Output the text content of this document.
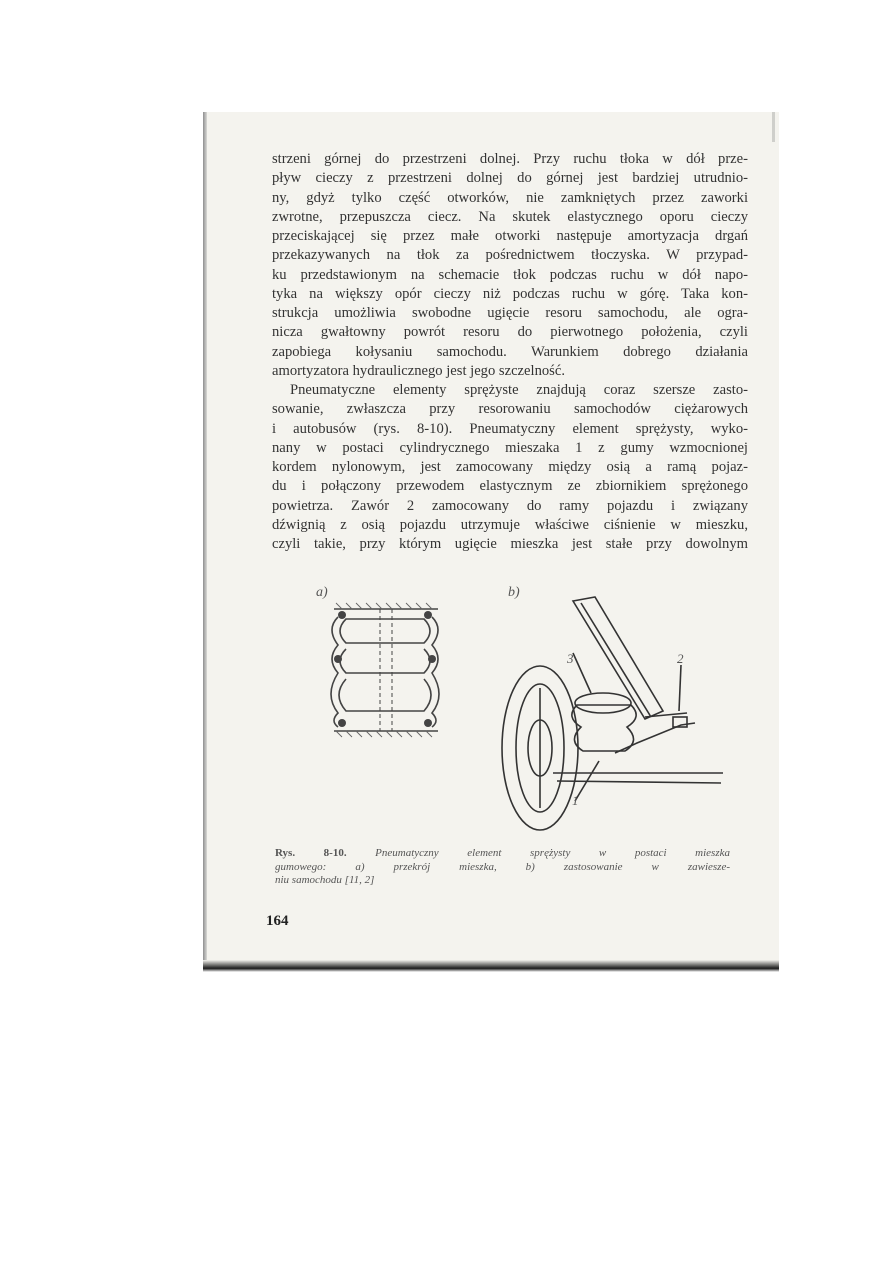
strzeni górnej do przestrzeni dolnej. Przy ruchu tłoka w dół prze-
pływ cieczy z przestrzeni dolnej do górnej jest bardziej utrudnio-
ny, gdyż tylko część otworków, nie zamkniętych przez zaworki
zwrotne, przepuszcza ciecz. Na skutek elastycznego oporu cieczy
przeciskającej się przez małe otworki następuje amortyzacja drgań
przekazywanych na tłok za pośrednictwem tłoczyska. W przypad-
ku przedstawionym na schemacie tłok podczas ruchu w dół napo-
tyka na większy opór cieczy niż podczas ruchu w górę. Taka kon-
strukcja umożliwia swobodne ugięcie resoru samochodu, ale ogra-
nicza gwałtowny powrót resoru do pierwotnego położenia, czyli
zapobiega kołysaniu samochodu. Warunkiem dobrego działania
amortyzatora hydraulicznego jest jego szczelność.

Pneumatyczne elementy sprężyste znajdują coraz szersze zasto-
sowanie, zwłaszcza przy resorowaniu samochodów ciężarowych
i autobusów (rys. 8-10). Pneumatyczny element sprężysty, wyko-
nany w postaci cylindrycznego mieszaka 1 z gumy wzmocnionej
kordem nylonowym, jest zamocowany między osią a ramą pojaz-
du i połączony przewodem elastycznym ze zbiornikiem sprężonego
powietrza. Zawór 2 zamocowany do ramy pojazdu i związany
dźwignią z osią pojazdu utrzymuje właściwe ciśnienie w mieszku,
czyli takie, przy którym ugięcie mieszka jest stałe przy dowolnym

a)	b)
3	2
1
Rys. 8-10.	Pneumatyczny element sprężysty w postaci mieszka
gumowego: a) przekrój mieszka, b) zastosowanie w zawiesze-
niu samochodu [11, 2]
164
